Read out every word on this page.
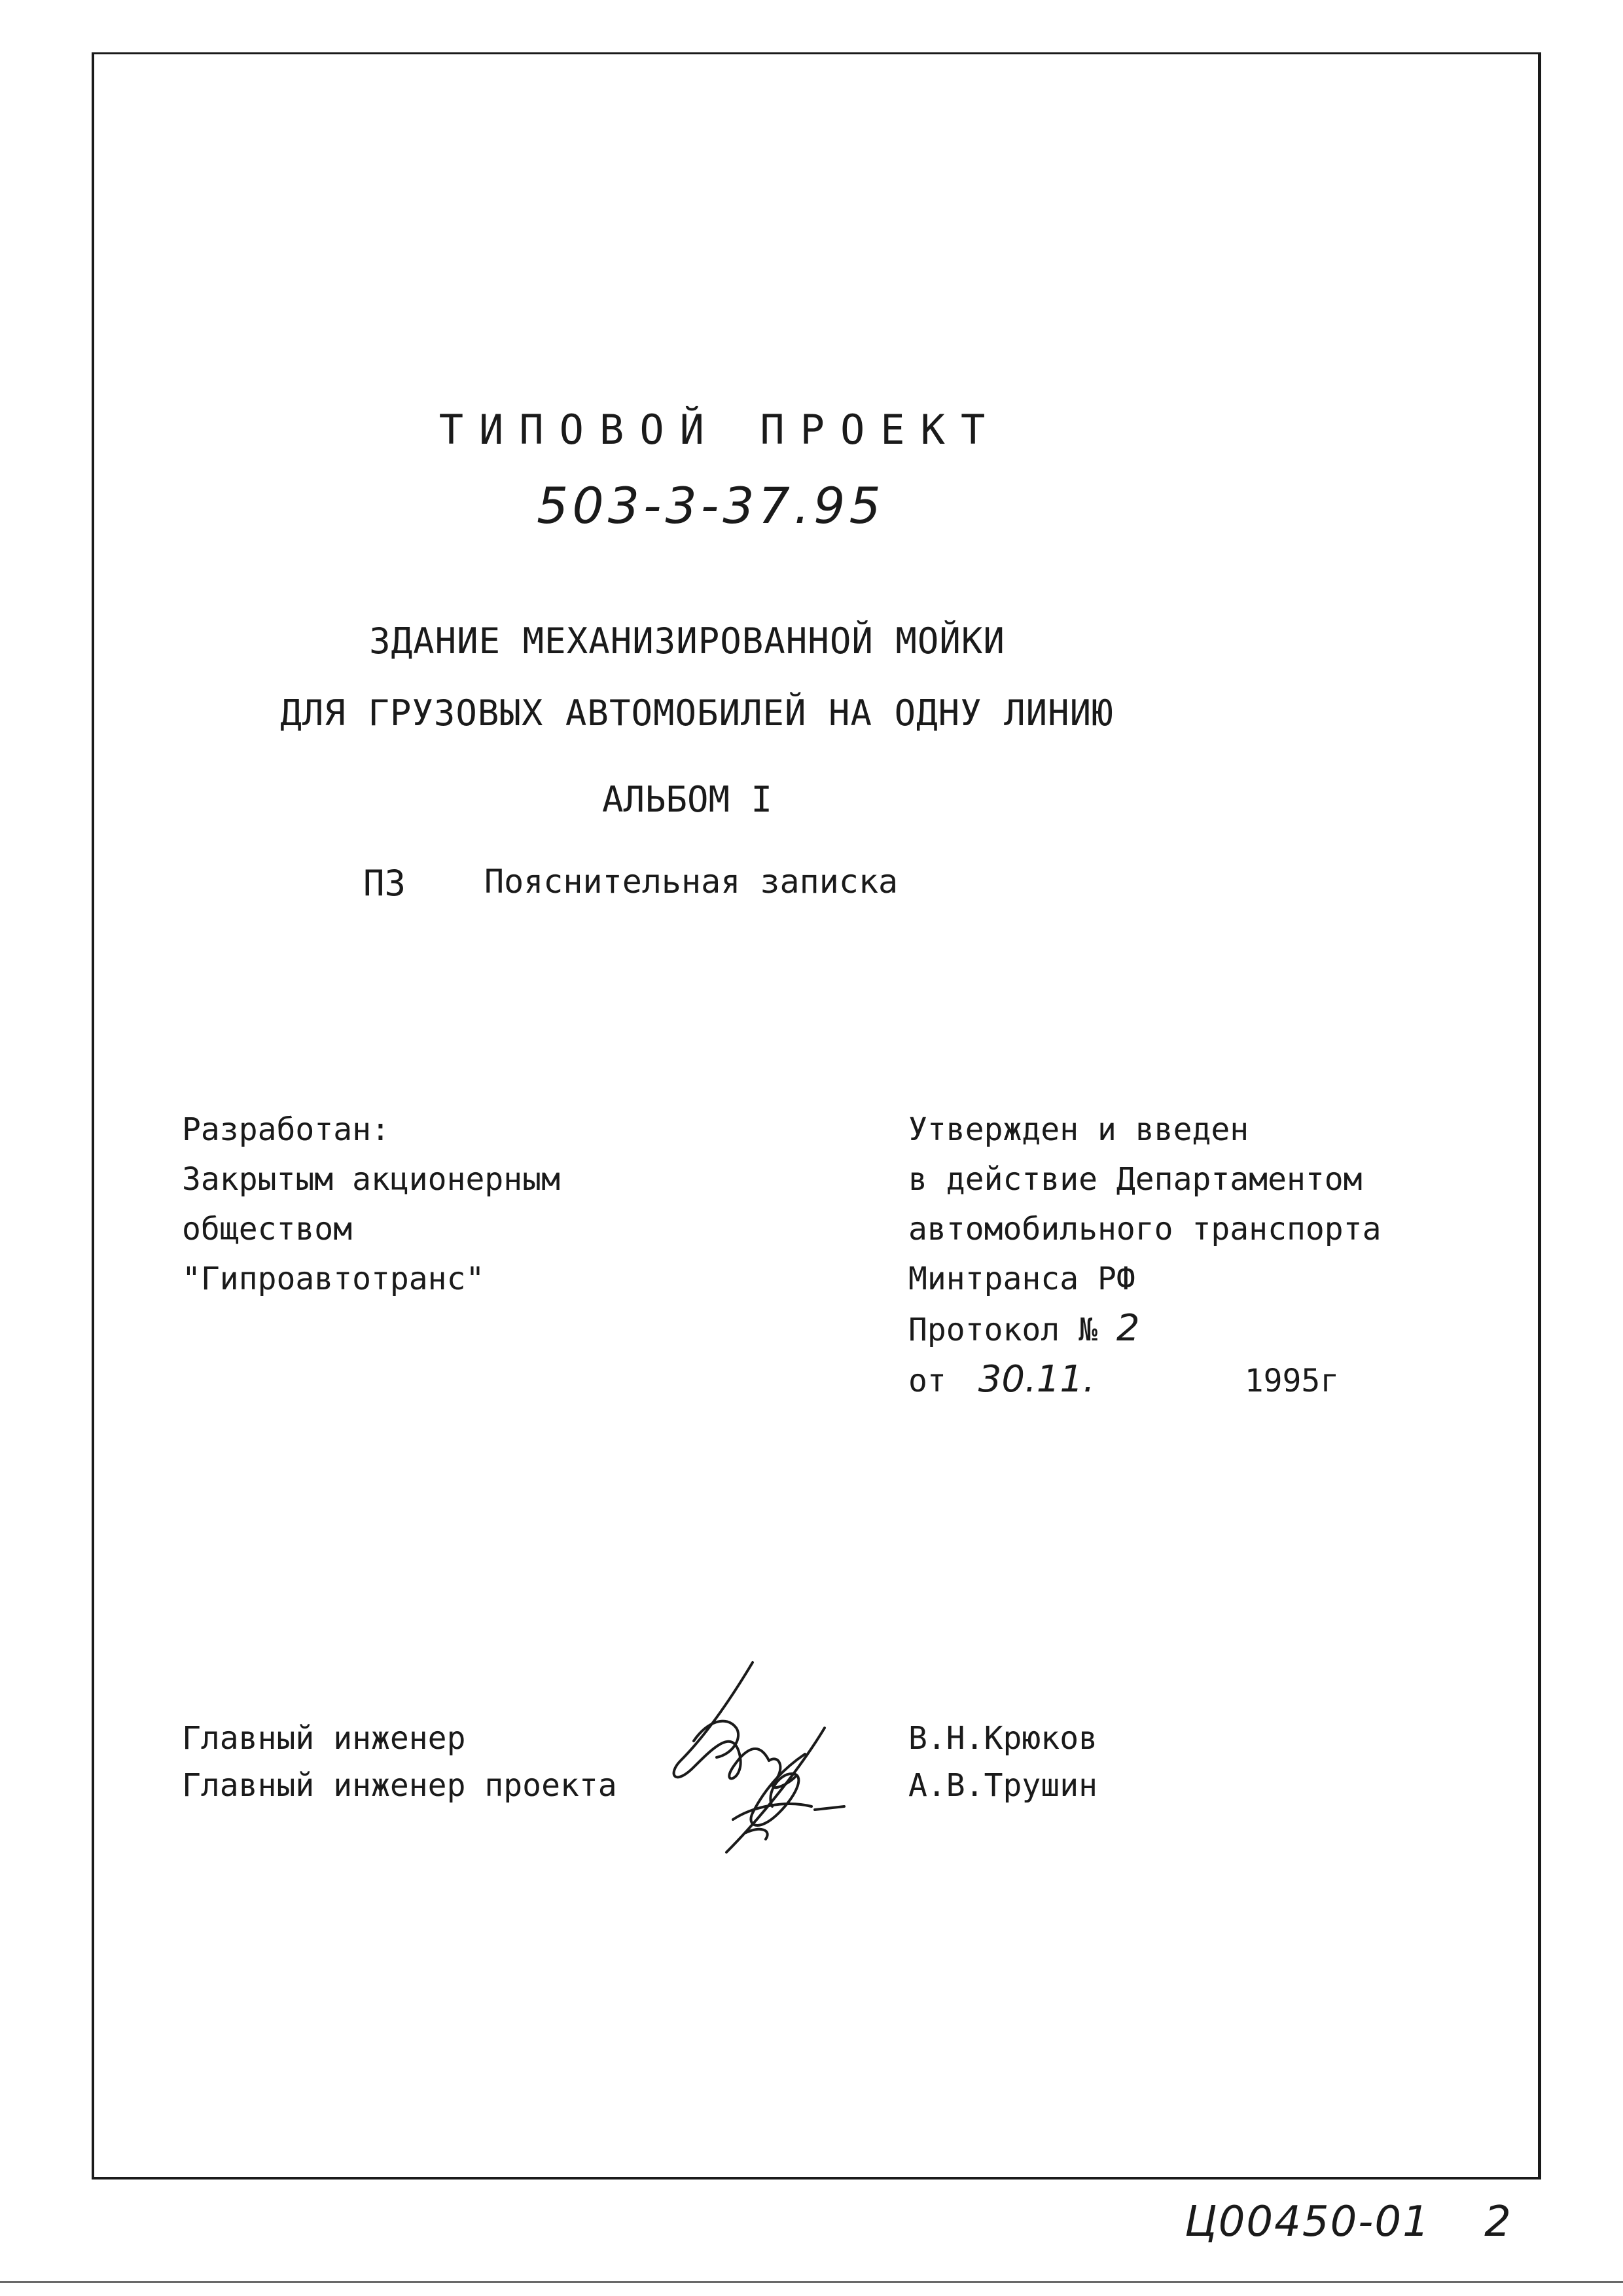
ТИПОВОЙ ПРОЕКТ
503-3-37.95
ЗДАНИЕ МЕХАНИЗИРОВАННОЙ МОЙКИ
ДЛЯ ГРУЗОВЫХ АВТОМОБИЛЕЙ НА ОДНУ ЛИНИЮ
АЛЬБОМ I
ПЗ Пояснительная записка
Разработан:
Закрытым акционерным
обществом
"Гипроавтотранс"
Утвержден и введен
в действие Департаментом
автомобильного транспорта
Минтранса РФ
Протокол № 2
от 30.11.	1995г
Главный инженер
Главный инженер проекта
В.Н.Крюков
А.В.Трушин
Ц00450-01 2
